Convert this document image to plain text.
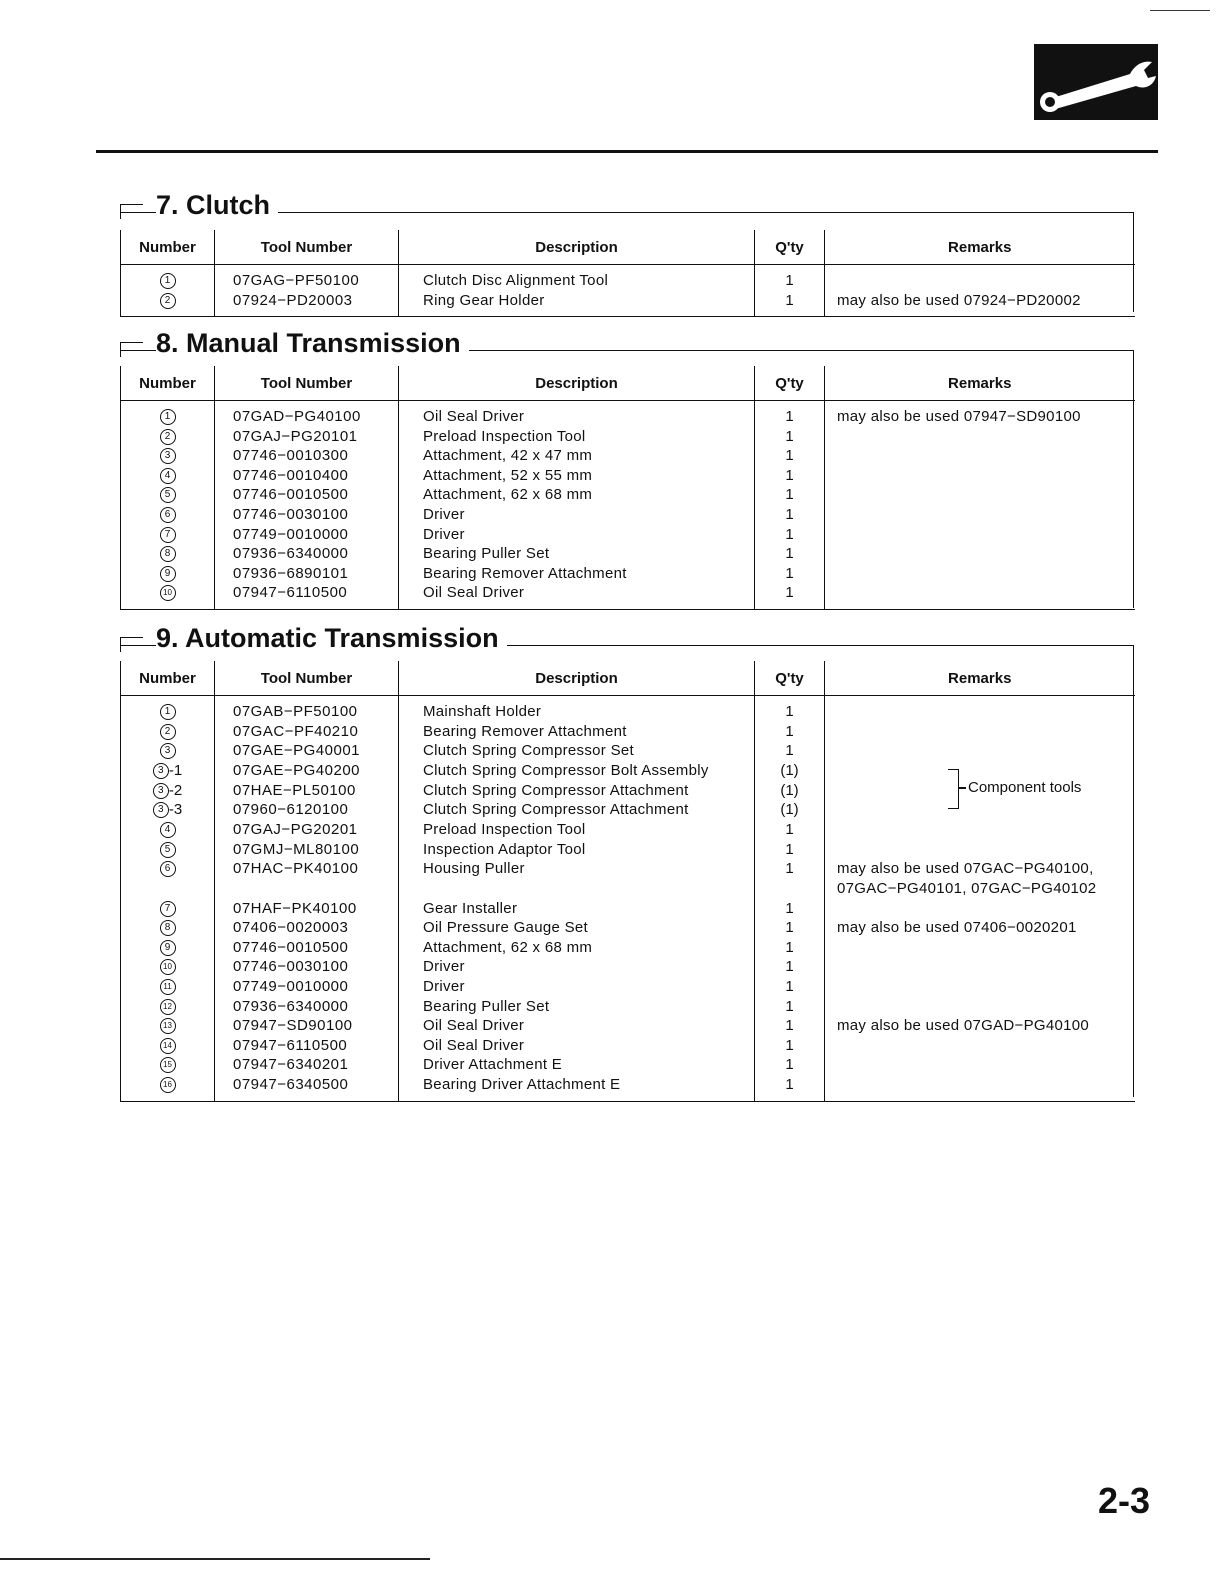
7. Clutch
Number	Tool Number	Description	Q'ty	Remarks
1	07GAG−PF50100	Clutch Disc Alignment Tool	1	

2	07924−PD20003	Ring Gear Holder	1	may also be used 07924−PD20002
8. Manual Transmission
Number	Tool Number	Description	Q'ty	Remarks
1	07GAD−PG40100	Oil Seal Driver	1	may also be used 07947−SD90100

2	07GAJ−PG20101	Preload Inspection Tool	1	

3	07746−0010300	Attachment, 42 x 47 mm	1	

4	07746−0010400	Attachment, 52 x 55 mm	1	

5	07746−0010500	Attachment, 62 x 68 mm	1	

6	07746−0030100	Driver	1	

7	07749−0010000	Driver	1	

8	07936−6340000	Bearing Puller Set	1	

9	07936−6890101	Bearing Remover Attachment	1	

10	07947−6110500	Oil Seal Driver	1	
9. Automatic Transmission
Number	Tool Number	Description	Q'ty	Remarks
1	07GAB−PF50100	Mainshaft Holder	1	

2	07GAC−PF40210	Bearing Remover Attachment	1	

3	07GAE−PG40001	Clutch Spring Compressor Set	1	

3 -1	07GAE−PG40200	Clutch Spring Compressor Bolt Assembly	(1)	

3 -2	07HAE−PL50100	Clutch Spring Compressor Attachment	(1)	

3 -3	07960−6120100	Clutch Spring Compressor Attachment	(1)	

4	07GAJ−PG20201	Preload Inspection Tool	1	

5	07GMJ−ML80100	Inspection Adaptor Tool	1	

6	07HAC−PK40100	Housing Puller	1	may also be used 07GAC−PG40100,
07GAC−PG40101, 07GAC−PG40102

7	07HAF−PK40100	Gear Installer	1	

8	07406−0020003	Oil Pressure Gauge Set	1	may also be used 07406−0020201

9	07746−0010500	Attachment, 62 x 68 mm	1	

10	07746−0030100	Driver	1	

11	07749−0010000	Driver	1	

12	07936−6340000	Bearing Puller Set	1	

13	07947−SD90100	Oil Seal Driver	1	may also be used 07GAD−PG40100

14	07947−6110500	Oil Seal Driver	1	

15	07947−6340201	Driver Attachment E	1	

16	07947−6340500	Bearing Driver Attachment E	1	
Component tools
2-3
